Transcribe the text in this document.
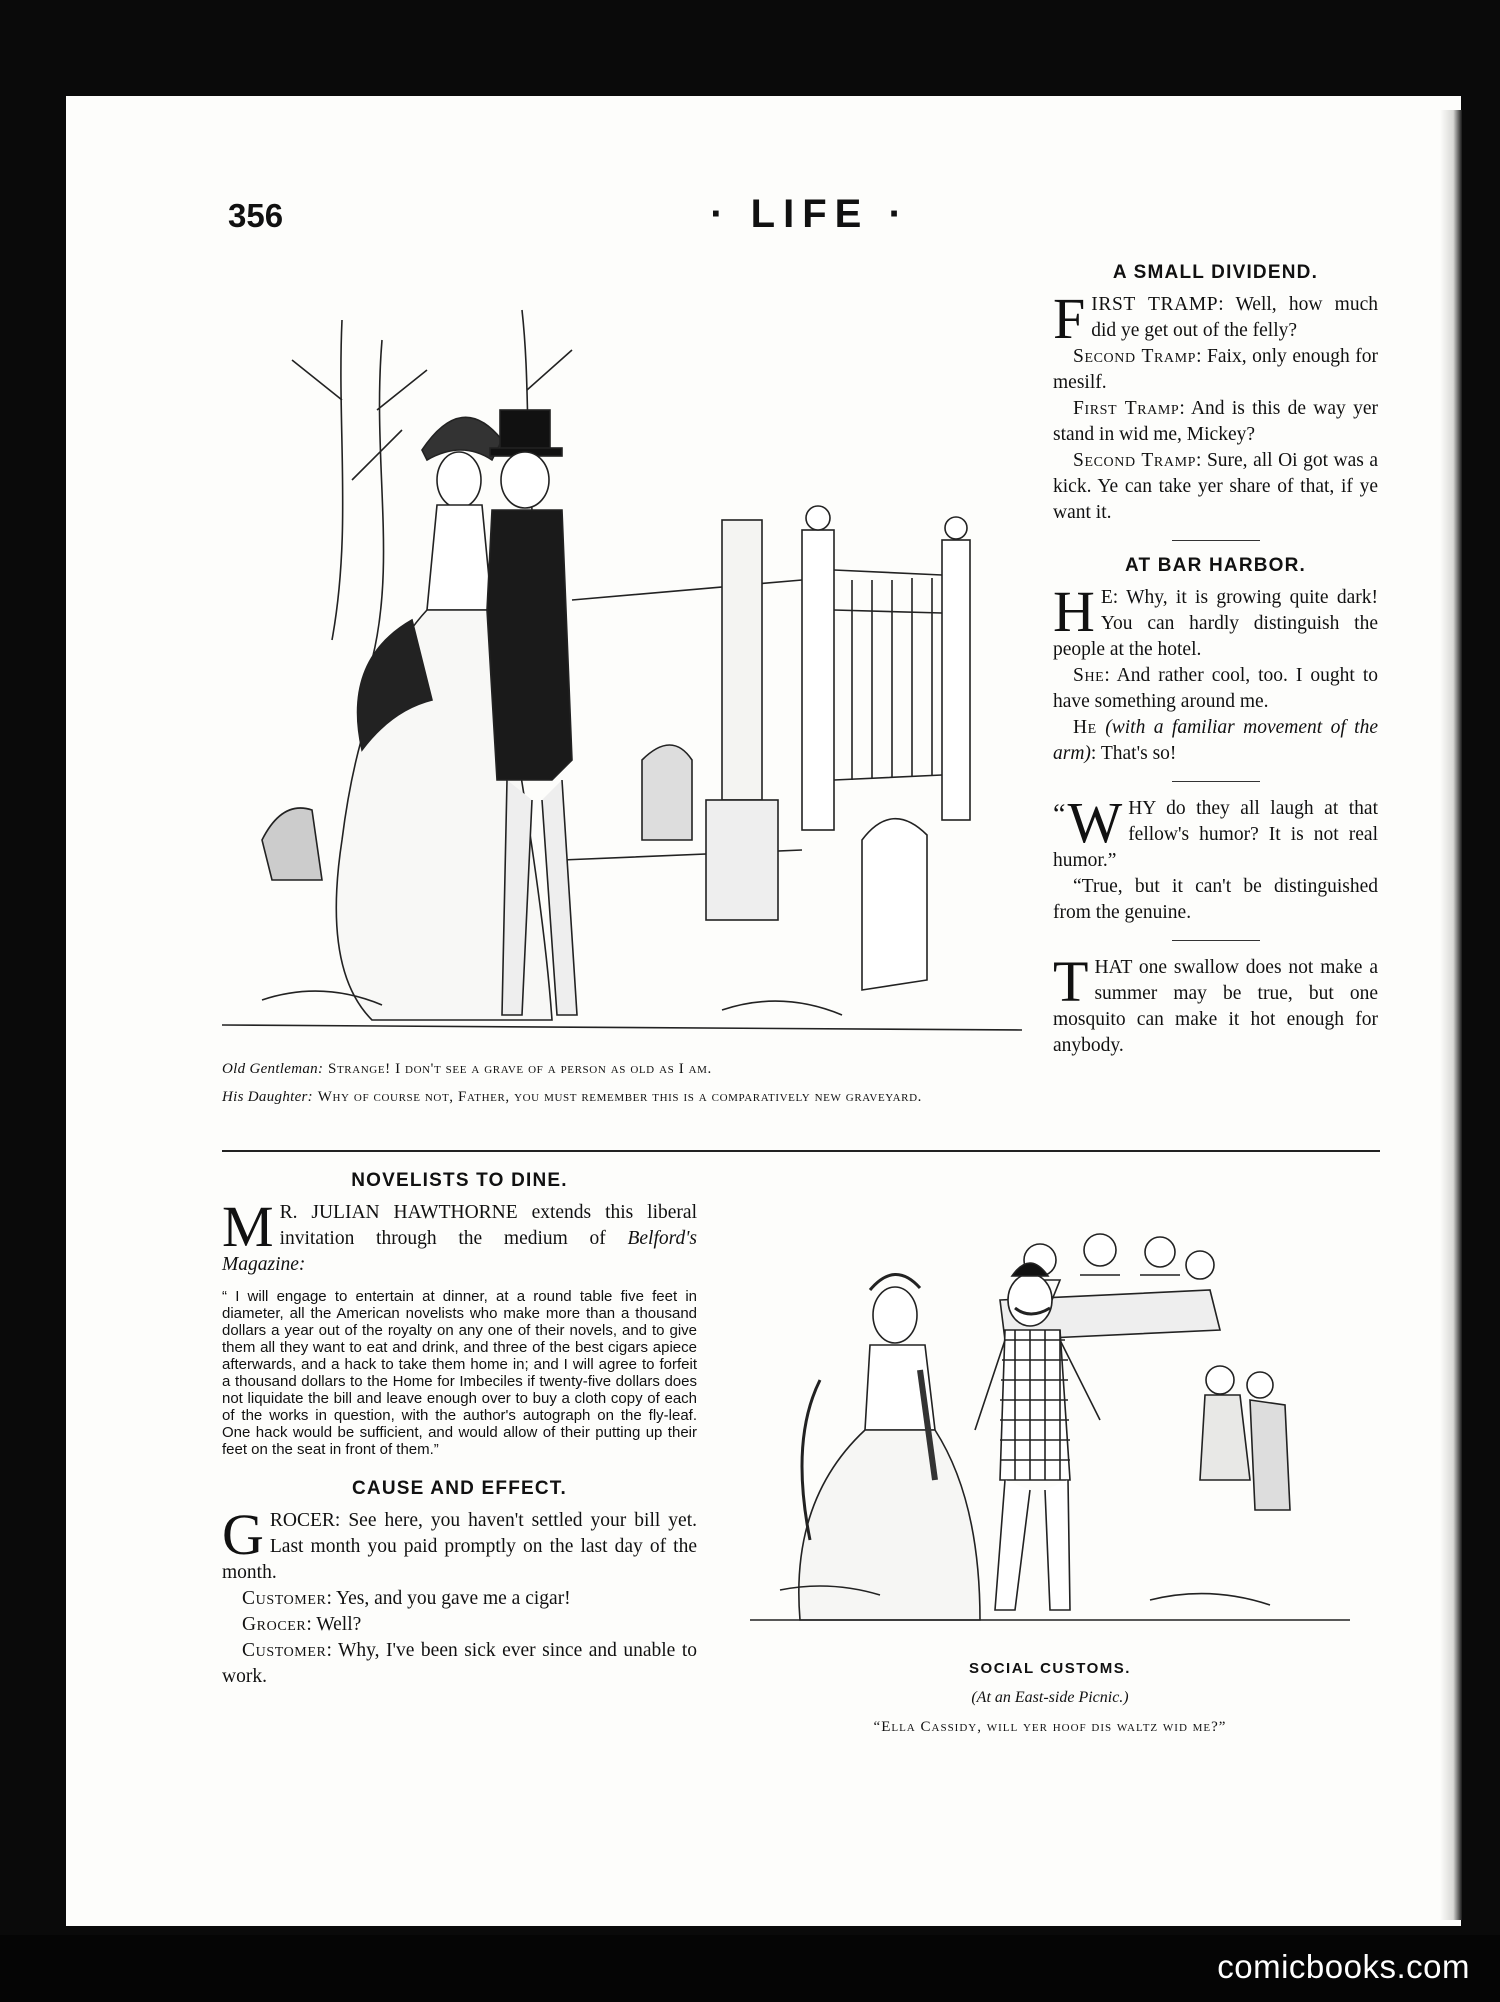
356	· LIFE ·
Old Gentleman: Strange! I don't see a grave of a person as old as I am.
His Daughter: Why of course not, Father, you must remember this is a comparatively new graveyard.
A SMALL DIVIDEND.

FIRST TRAMP: Well, how much did ye get out of the felly?

Second Tramp: Faix, only enough for mesilf.

First Tramp: And is this de way yer stand in wid me, Mickey?

Second Tramp: Sure, all Oi got was a kick. Ye can take yer share of that, if ye want it.

AT BAR HARBOR.

H E: Why, it is growing quite dark! You can hardly distinguish the people at the hotel.

She: And rather cool, too. I ought to have something around me.

He (with a familiar movement of the arm): That's so!

“ W HY do they all laugh at that fellow's humor? It is not real humor.”

“True, but it can't be distinguished from the genuine.

THAT one swallow does not make a summer may be true, but one mosquito can make it hot enough for anybody.

NOVELISTS TO DINE.

M R. JULIAN HAWTHORNE extends this liberal invitation through the medium of Belford's Magazine:

“ I will engage to entertain at dinner, at a round table five feet in diameter, all the American novelists who make more than a thousand dollars a year out of the royalty on any one of their novels, and to give them all they want to eat and drink, and three of the best cigars apiece afterwards, and a hack to take them home in; and I will agree to forfeit a thousand dollars to the Home for Imbeciles if twenty-five dollars does not liquidate the bill and leave enough over to buy a cloth copy of each of the works in question, with the author's autograph on the fly-leaf. One hack would be sufficient, and would allow of their putting up their feet on the seat in front of them.”

CAUSE AND EFFECT.

GROCER: See here, you haven't settled your bill yet. Last month you paid promptly on the last day of the month.

Customer: Yes, and you gave me a cigar!

Grocer: Well?

Customer: Why, I've been sick ever since and unable to work.	SOCIAL CUSTOMS.
(At an East-side Picnic.)
“Ella Cassidy, will yer hoof dis waltz wid me?”
comicbooks.com
